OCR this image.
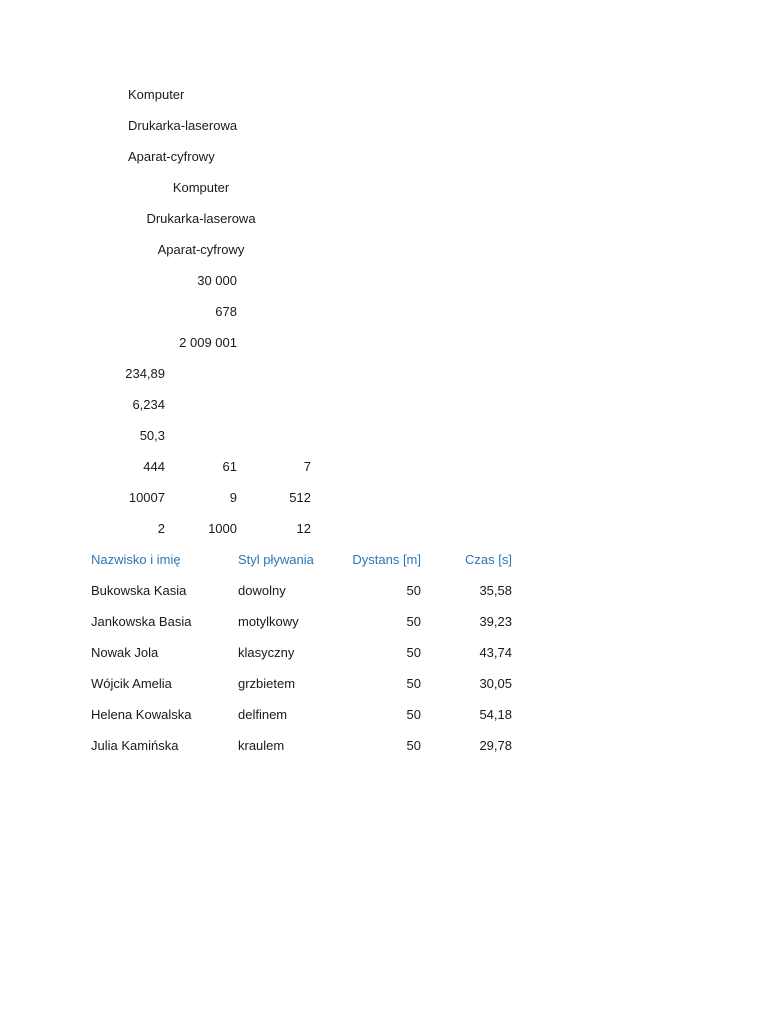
Komputer
Drukarka-laserowa
Aparat-cyfrowy
Komputer
Drukarka-laserowa
Aparat-cyfrowy
30 000
678
2 009 001
234,89
6,234
50,3
444	61	7
10007	9	512
2	1000	12
Nazwisko i imię	Styl pływania	Dystans [m]	Czas [s]
Bukowska Kasia	dowolny	50	35,58
Jankowska Basia	motylkowy	50	39,23
Nowak Jola	klasyczny	50	43,74
Wójcik Amelia	grzbietem	50	30,05
Helena Kowalska	delfinem	50	54,18
Julia Kamińska	kraulem	50	29,78
